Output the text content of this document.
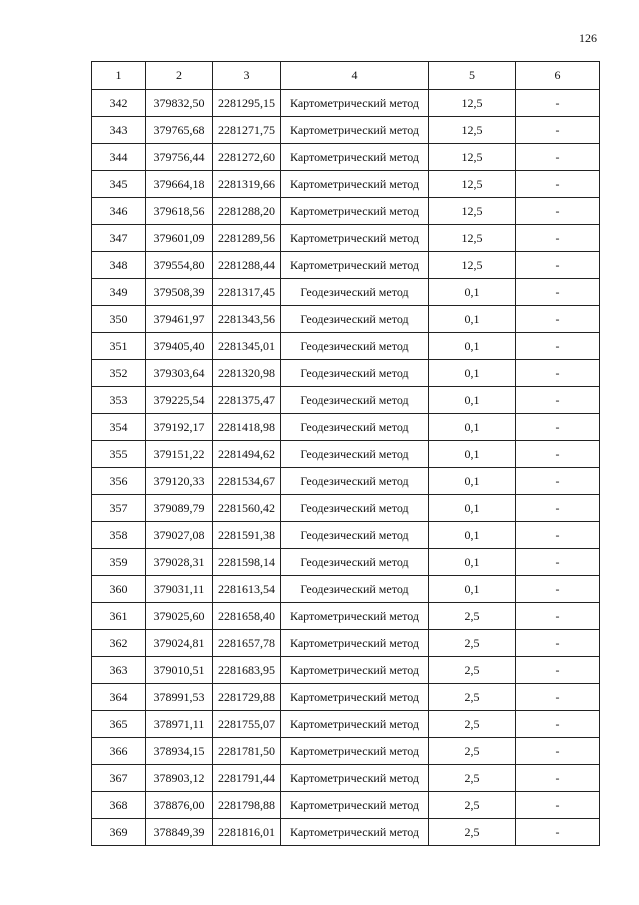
126
1	2	3	4	5	6
342	379832,50	2281295,15	Картометрический метод	12,5	-
343	379765,68	2281271,75	Картометрический метод	12,5	-
344	379756,44	2281272,60	Картометрический метод	12,5	-
345	379664,18	2281319,66	Картометрический метод	12,5	-
346	379618,56	2281288,20	Картометрический метод	12,5	-
347	379601,09	2281289,56	Картометрический метод	12,5	-
348	379554,80	2281288,44	Картометрический метод	12,5	-
349	379508,39	2281317,45	Геодезический метод	0,1	-
350	379461,97	2281343,56	Геодезический метод	0,1	-
351	379405,40	2281345,01	Геодезический метод	0,1	-
352	379303,64	2281320,98	Геодезический метод	0,1	-
353	379225,54	2281375,47	Геодезический метод	0,1	-
354	379192,17	2281418,98	Геодезический метод	0,1	-
355	379151,22	2281494,62	Геодезический метод	0,1	-
356	379120,33	2281534,67	Геодезический метод	0,1	-
357	379089,79	2281560,42	Геодезический метод	0,1	-
358	379027,08	2281591,38	Геодезический метод	0,1	-
359	379028,31	2281598,14	Геодезический метод	0,1	-
360	379031,11	2281613,54	Геодезический метод	0,1	-
361	379025,60	2281658,40	Картометрический метод	2,5	-
362	379024,81	2281657,78	Картометрический метод	2,5	-
363	379010,51	2281683,95	Картометрический метод	2,5	-
364	378991,53	2281729,88	Картометрический метод	2,5	-
365	378971,11	2281755,07	Картометрический метод	2,5	-
366	378934,15	2281781,50	Картометрический метод	2,5	-
367	378903,12	2281791,44	Картометрический метод	2,5	-
368	378876,00	2281798,88	Картометрический метод	2,5	-
369	378849,39	2281816,01	Картометрический метод	2,5	-
